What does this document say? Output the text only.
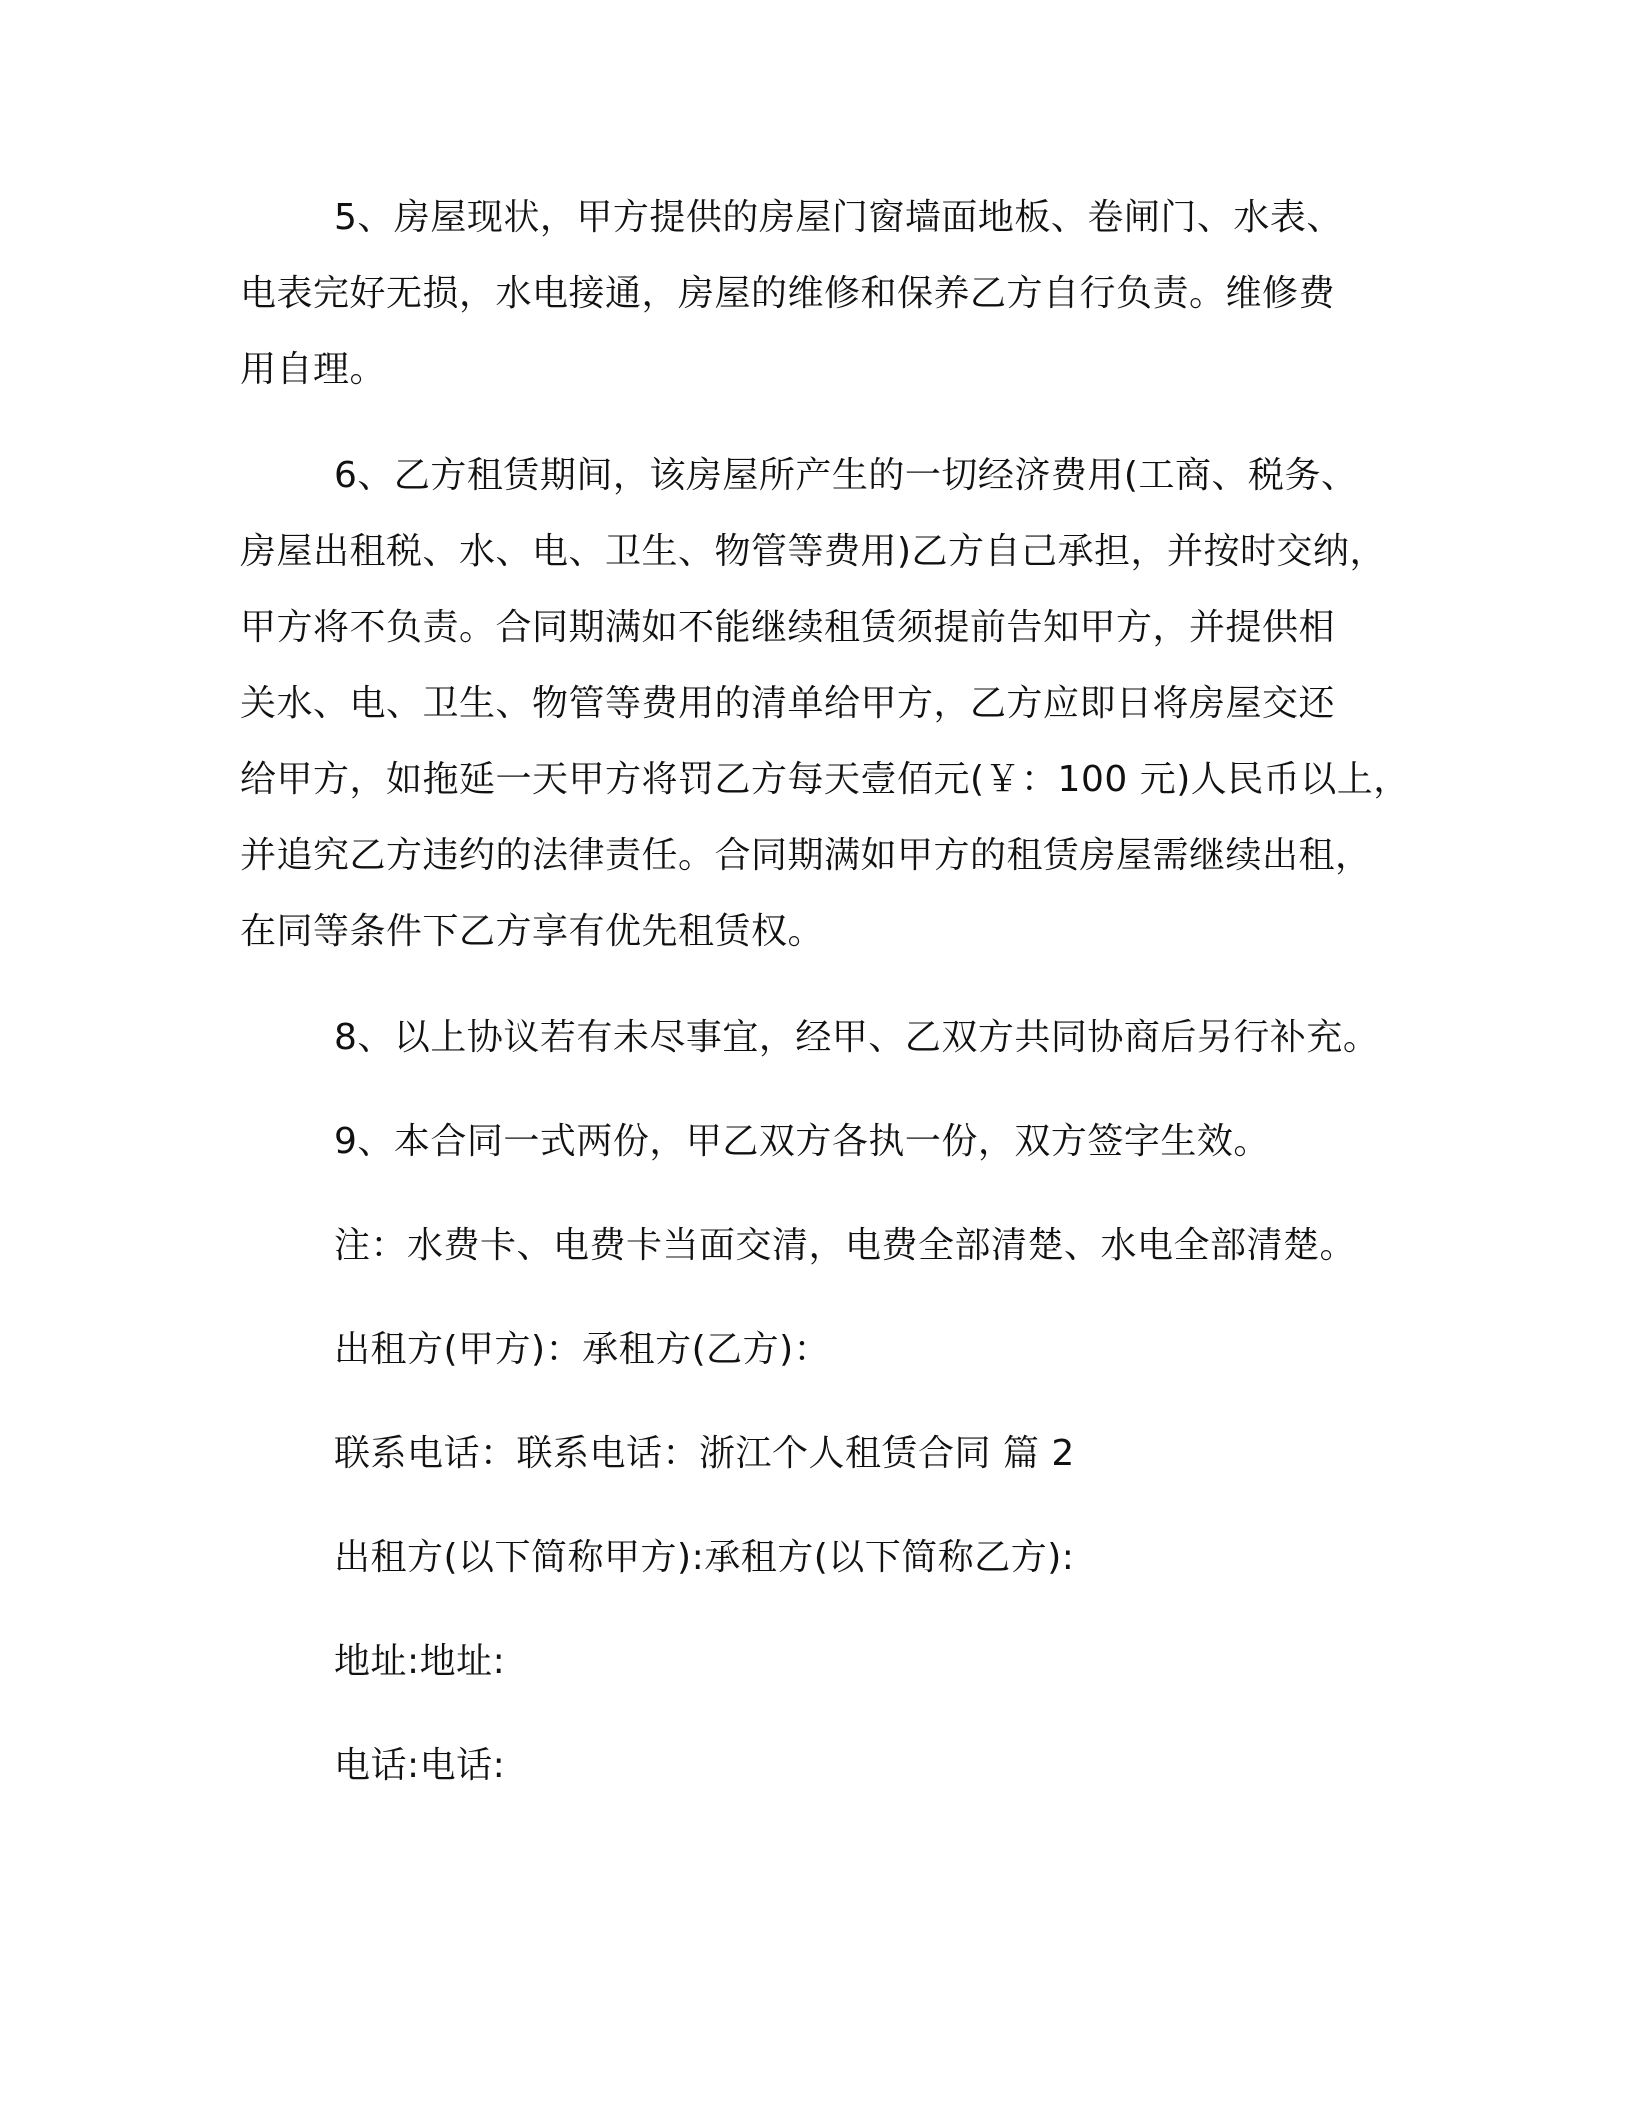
5、房屋现状，甲方提供的房屋门窗墙面地板、卷闸门、水表、
电表完好无损，水电接通，房屋的维修和保养乙方自行负责。维修费
用自理。
6、乙方租赁期间，该房屋所产生的一切经济费用(工商、税务、
房屋出租税、水、电、卫生、物管等费用)乙方自己承担，并按时交纳，
甲方将不负责。合同期满如不能继续租赁须提前告知甲方，并提供相
关水、电、卫生、物管等费用的清单给甲方，乙方应即日将房屋交还
给甲方，如拖延一天甲方将罚乙方每天壹佰元(￥：100 元)人民币以上，
并追究乙方违约的法律责任。合同期满如甲方的租赁房屋需继续出租，
在同等条件下乙方享有优先租赁权。
8、以上协议若有未尽事宜，经甲、乙双方共同协商后另行补充。
9、本合同一式两份，甲乙双方各执一份，双方签字生效。
注：水费卡、电费卡当面交清，电费全部清楚、水电全部清楚。
出租方(甲方)：承租方(乙方)：
联系电话：联系电话：浙江个人租赁合同 篇 2
出租方(以下简称甲方):承租方(以下简称乙方):
地址:地址:
电话:电话:
